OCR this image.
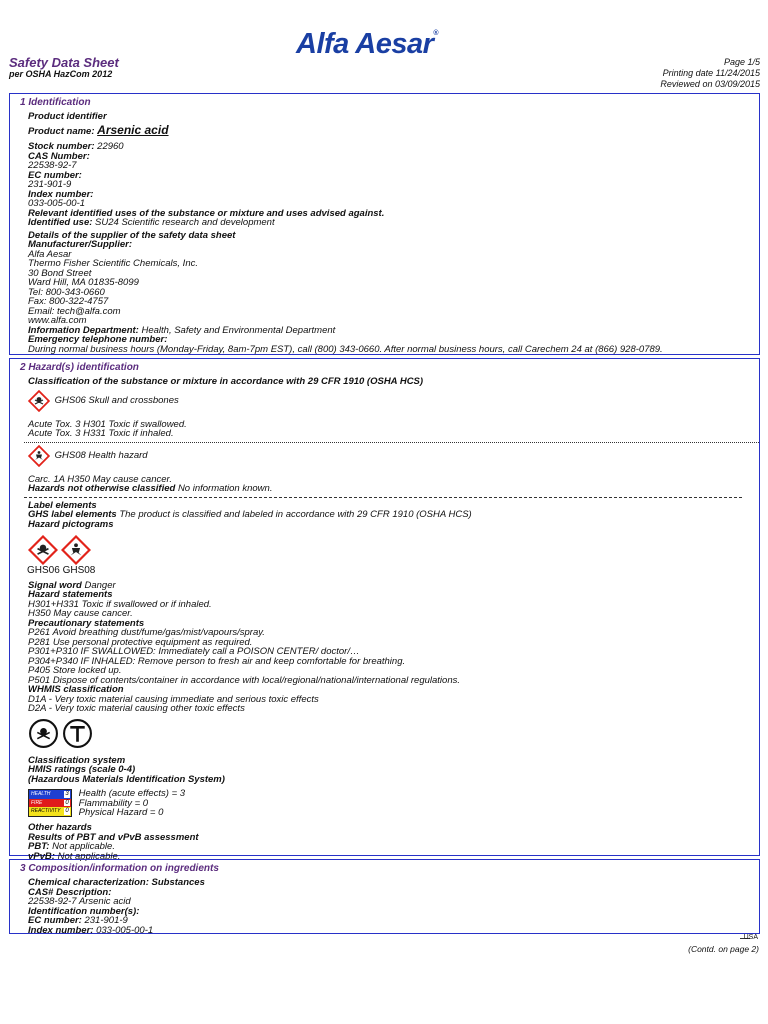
Alfa Aesar®
Safety Data Sheet
per OSHA HazCom 2012
Page 1/5
Printing date 11/24/2015
Reviewed on 03/09/2015
1 Identification
Product identifier
Product name: Arsenic acid
Stock number: 22960
CAS Number:
22538-92-7
EC number:
231-901-9
Index number:
033-005-00-1
Relevant identified uses of the substance or mixture and uses advised against.
Identified use: SU24 Scientific research and development
Details of the supplier of the safety data sheet
Manufacturer/Supplier:
Alfa Aesar
Thermo Fisher Scientific Chemicals, Inc.
30 Bond Street
Ward Hill, MA 01835-8099
Tel: 800-343-0660
Fax: 800-322-4757
Email: tech@alfa.com
www.alfa.com
Information Department: Health, Safety and Environmental Department
Emergency telephone number:
During normal business hours (Monday-Friday, 8am-7pm EST), call (800) 343-0660. After normal business hours, call Carechem 24 at (866) 928-0789.
2 Hazard(s) identification
Classification of the substance or mixture in accordance with 29 CFR 1910 (OSHA HCS)
GHS06 Skull and crossbones
Acute Tox. 3 H301 Toxic if swallowed.
Acute Tox. 3 H331 Toxic if inhaled.
GHS08 Health hazard
Carc. 1A H350 May cause cancer.
Hazards not otherwise classified No information known.
Label elements
GHS label elements The product is classified and labeled in accordance with 29 CFR 1910 (OSHA HCS)
Hazard pictograms

GHS06 GHS08
Signal word Danger
Hazard statements
H301+H331 Toxic if swallowed or if inhaled.
H350 May cause cancer.
Precautionary statements
P261 Avoid breathing dust/fume/gas/mist/vapours/spray.
P281 Use personal protective equipment as required.
P301+P310 IF SWALLOWED: Immediately call a POISON CENTER/ doctor/…
P304+P340 IF INHALED: Remove person to fresh air and keep comfortable for breathing.
P405 Store locked up.
P501 Dispose of contents/container in accordance with local/regional/national/international regulations.
WHMIS classification
D1A - Very toxic material causing immediate and serious toxic effects
D2A - Very toxic material causing other toxic effects

Classification system
HMIS ratings (scale 0-4)
(Hazardous Materials Identification System)
HEALTH 3
FIRE	0
REACTIVITY 0

Health (acute effects) = 3
Flammability = 0
Physical Hazard = 0
Other hazards
Results of PBT and vPvB assessment
PBT: Not applicable.
vPvB: Not applicable.
3 Composition/information on ingredients
Chemical characterization: Substances
CAS# Description:
22538-92-7 Arsenic acid
Identification number(s):
EC number: 231-901-9
Index number: 033-005-00-1
USA
(Contd. on page 2)
